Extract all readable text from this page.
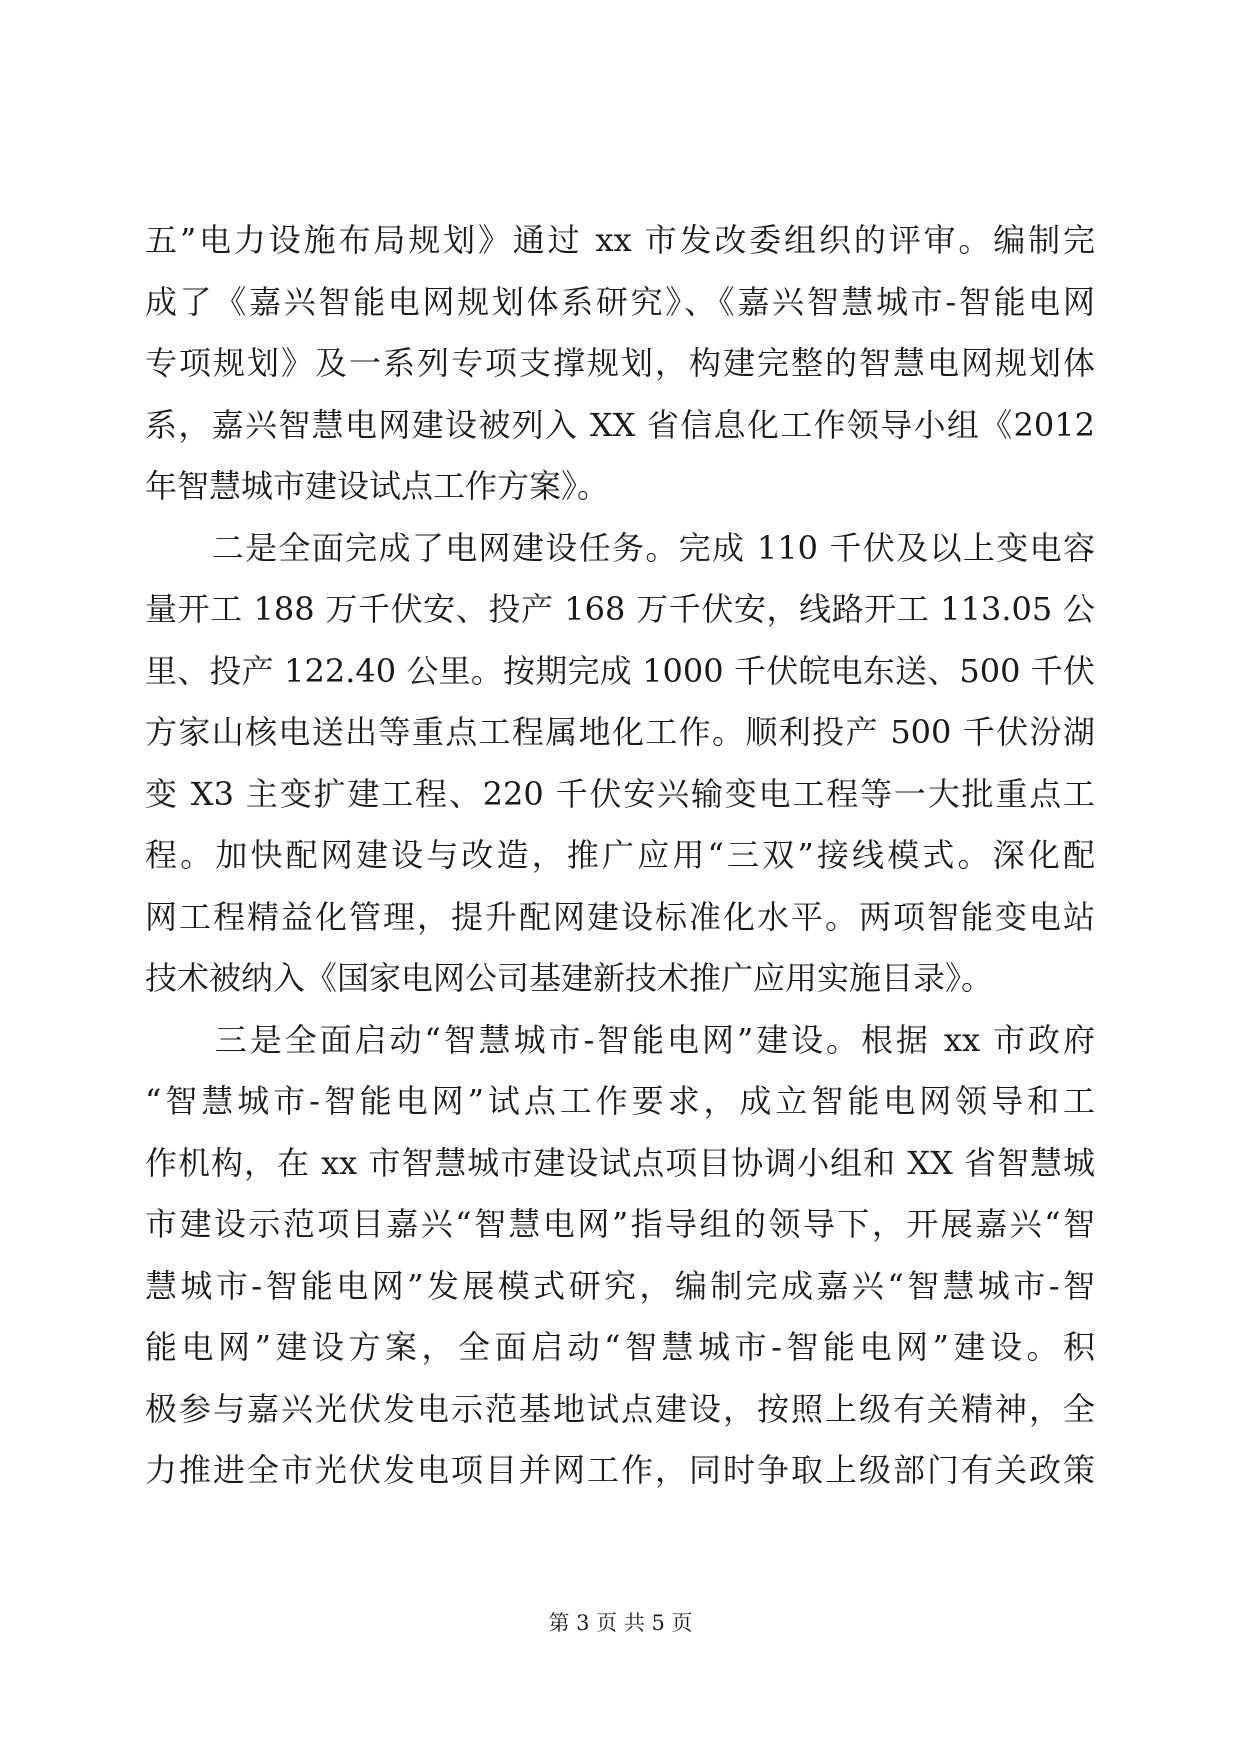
五”电力设施布局规划》通过 xx 市发改委组织的评审。编制完
成了《嘉兴智能电网规划体系研究》、《嘉兴智慧城市-智能电网
专项规划》及一系列专项支撑规划，构建完整的智慧电网规划体
系，嘉兴智慧电网建设被列入 XX 省信息化工作领导小组《2012
年智慧城市建设试点工作方案》。
　　二是全面完成了电网建设任务。完成 110 千伏及以上变电容
量开工 188 万千伏安、投产 168 万千伏安，线路开工 113.05 公
里、投产 122.40 公里。按期完成 1000 千伏皖电东送、500 千伏
方家山核电送出等重点工程属地化工作。顺利投产 500 千伏汾湖
变 X3 主变扩建工程、220 千伏安兴输变电工程等一大批重点工
程。加快配网建设与改造，推广应用“三双”接线模式。深化配
网工程精益化管理，提升配网建设标准化水平。两项智能变电站
技术被纳入《国家电网公司基建新技术推广应用实施目录》。
　　三是全面启动“智慧城市-智能电网”建设。根据 xx 市政府
“智慧城市-智能电网”试点工作要求，成立智能电网领导和工
作机构，在 xx 市智慧城市建设试点项目协调小组和 XX 省智慧城
市建设示范项目嘉兴“智慧电网”指导组的领导下，开展嘉兴“智
慧城市-智能电网”发展模式研究，编制完成嘉兴“智慧城市-智
能电网”建设方案，全面启动“智慧城市-智能电网”建设。积
极参与嘉兴光伏发电示范基地试点建设，按照上级有关精神，全
力推进全市光伏发电项目并网工作，同时争取上级部门有关政策
第 3 页 共 5 页
